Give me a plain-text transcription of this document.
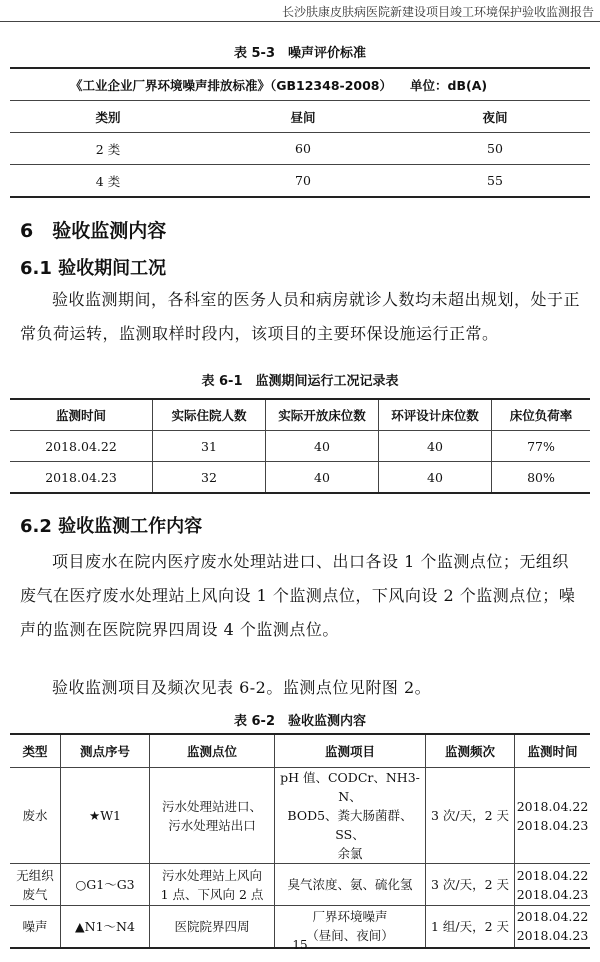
长沙肤康皮肤病医院新建设项目竣工环境保护验收监测报告
表 5-3　噪声评价标准
《工业企业厂界环境噪声排放标准》（GB12348-2008）		单位：dB(A)
类别	昼间	夜间
2 类	60	50
4 类	70	55
6　验收监测内容
6.1 验收期间工况

验收监测期间，各科室的医务人员和病房就诊人数均未超出规划，处于正常负荷运转，监测取样时段内，该项目的主要环保设施运行正常。

表 6-1　监测期间运行工况记录表
监测时间	实际住院人数	实际开放床位数	环评设计床位数	床位负荷率
2018.04.22	31	40	40	77%
2018.04.23	32	40	40	80%
6.2 验收监测工作内容

项目废水在院内医疗废水处理站进口、出口各设 1 个监测点位；无组织废气在医疗废水处理站上风向设 1 个监测点位，下风向设 2 个监测点位；噪声的监测在医院院界四周设 4 个监测点位。

验收监测项目及频次见表 6-2。监测点位见附图 2。

表 6-2　验收监测内容
类型	测点序号	监测点位	监测项目	监测频次	监测时间
废水	★W1	污水处理站进口、
污水处理站出口	pH 值、CODCr、NH3-N、
BOD5、粪大肠菌群、SS、
余氯	3 次/天，2 天	2018.04.22
2018.04.23

无组织
废气	○G1～G3	污水处理站上风向
1 点、下风向 2 点	臭气浓度、氨、硫化氢	3 次/天，2 天	2018.04.22
2018.04.23

噪声	▲N1～N4	医院院界四周	厂界环境噪声
（昼间、夜间）	1 组/天，2 天	2018.04.22
2018.04.23
15
